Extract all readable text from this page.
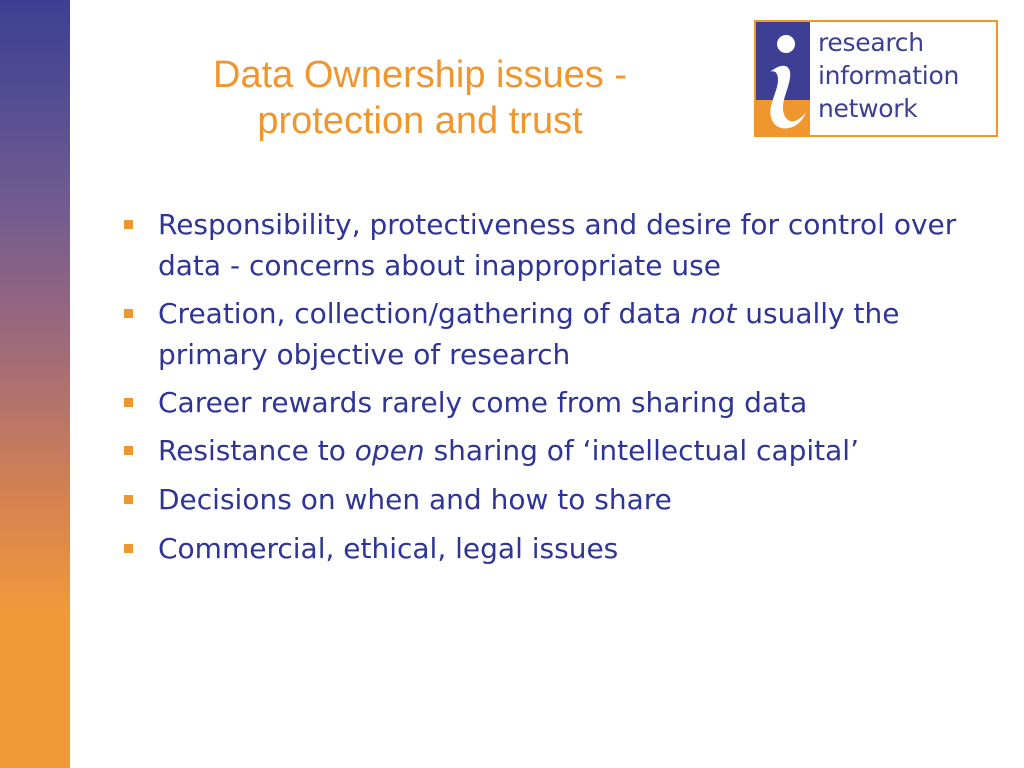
Data Ownership issues -
protection and trust
research
information
network
Responsibility, protectiveness and desire for control over data - concerns about inappropriate use
Creation, collection/gathering of data not usually the primary objective of research
Career rewards rarely come from sharing data
Resistance to open sharing of ‘intellectual capital’
Decisions on when and how to share
Commercial, ethical, legal issues
